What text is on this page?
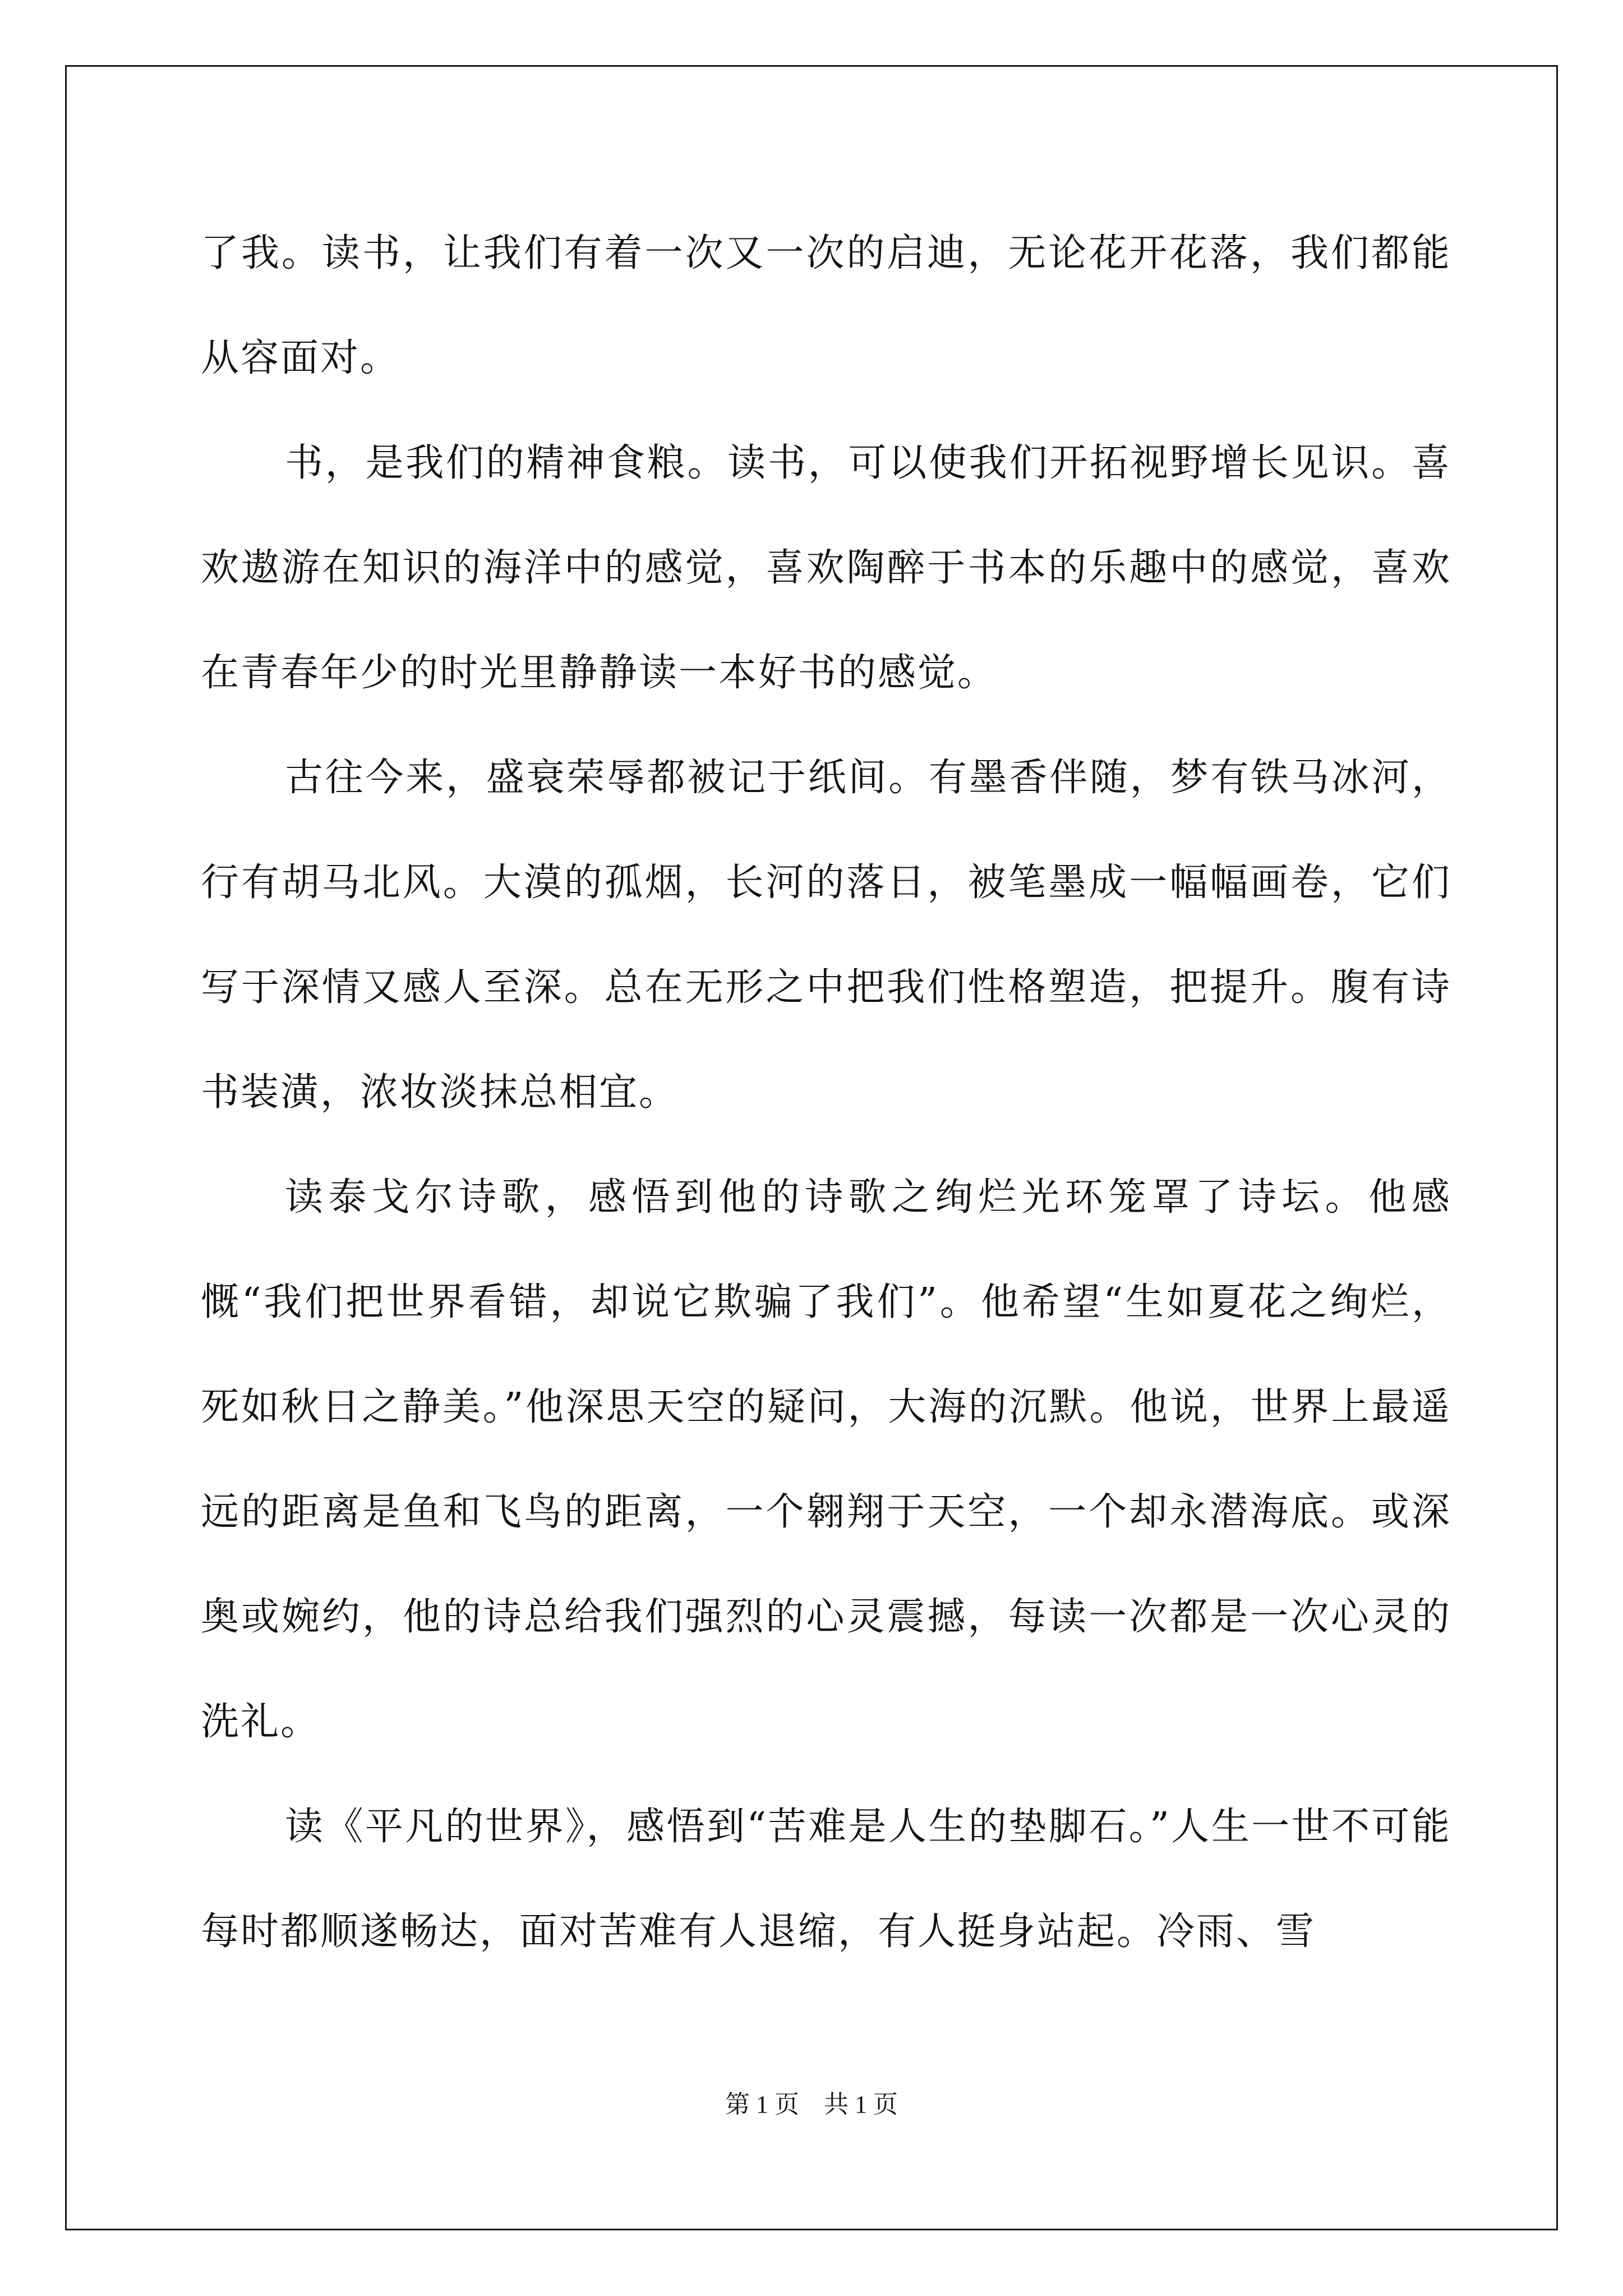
了我。读书，让我们有着一次又一次的启迪，无论花开花落，我们都能从容面对。

书，是我们的精神食粮。读书，可以使我们开拓视野增长见识。喜欢遨游在知识的海洋中的感觉，喜欢陶醉于书本的乐趣中的感觉，喜欢在青春年少的时光里静静读一本好书的感觉。

古往今来，盛衰荣辱都被记于纸间。有墨香伴随，梦有铁马冰河，行有胡马北风。大漠的孤烟，长河的落日，被笔墨成一幅幅画卷，它们写于深情又感人至深。总在无形之中把我们性格塑造，把提升。腹有诗书装潢，浓妆淡抹总相宜。

读泰戈尔诗歌，感悟到他的诗歌之绚烂光环笼罩了诗坛。他感慨“我们把世界看错，却说它欺骗了我们”。他希望“生如夏花之绚烂，死如秋日之静美。”他深思天空的疑问，大海的沉默。他说，世界上最遥远的距离是鱼和飞鸟的距离，一个翱翔于天空，一个却永潜海底。或深奥或婉约，他的诗总给我们强烈的心灵震撼，每读一次都是一次心灵的洗礼。

读《平凡的世界》，感悟到“苦难是人生的垫脚石。”人生一世不可能每时都顺遂畅达，面对苦难有人退缩，有人挺身站起。冷雨、雪

第 1 页　共 1 页
